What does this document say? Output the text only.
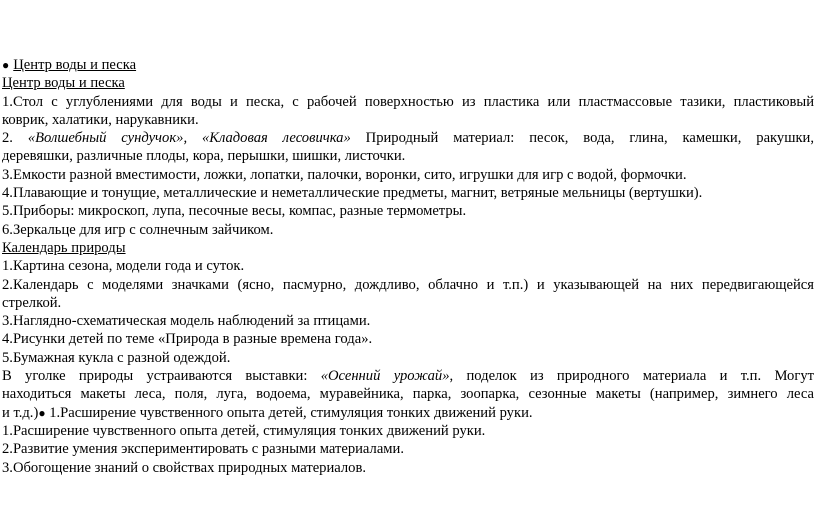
● Центр воды и песка
Центр воды и песка
1.Стол с углублениями для воды и песка, с рабочей поверхностью из пластика или пластмассовые тазики, пластиковый
коврик, халатики, нарукавники.
2. «Волшебный сундучок», «Кладовая лесовичка» Природный материал: песок, вода, глина, камешки, ракушки,
деревяшки, различные плоды, кора, перышки, шишки, листочки.
3.Емкости разной вместимости, ложки, лопатки, палочки, воронки, сито, игрушки для игр с водой, формочки.
4.Плавающие и тонущие, металлические и неметаллические предметы, магнит, ветряные мельницы (вертушки).
5.Приборы: микроскоп, лупа, песочные весы, компас, разные термометры.
6.Зеркальце для игр с солнечным зайчиком.
Календарь природы
1.Картина сезона, модели года и суток.
2.Календарь с моделями значками (ясно, пасмурно, дождливо, облачно и т.п.) и указывающей на них передвигающейся
стрелкой.
3.Наглядно-схематическая модель наблюдений за птицами.
4.Рисунки детей по теме «Природа в разные времена года».
5.Бумажная кукла с разной одеждой.
В уголке природы устраиваются выставки: «Осенний урожай», поделок из природного материала и т.п. Могут
находиться макеты леса, поля, луга, водоема, муравейника, парка, зоопарка, сезонные макеты (например, зимнего леса
и т.д.)● 1.Расширение чувственного опыта детей, стимуляция тонких движений руки.
1.Расширение чувственного опыта детей, стимуляция тонких движений руки.
2.Развитие умения экспериментировать с разными материалами.
3.Обогощение знаний о свойствах природных материалов.
